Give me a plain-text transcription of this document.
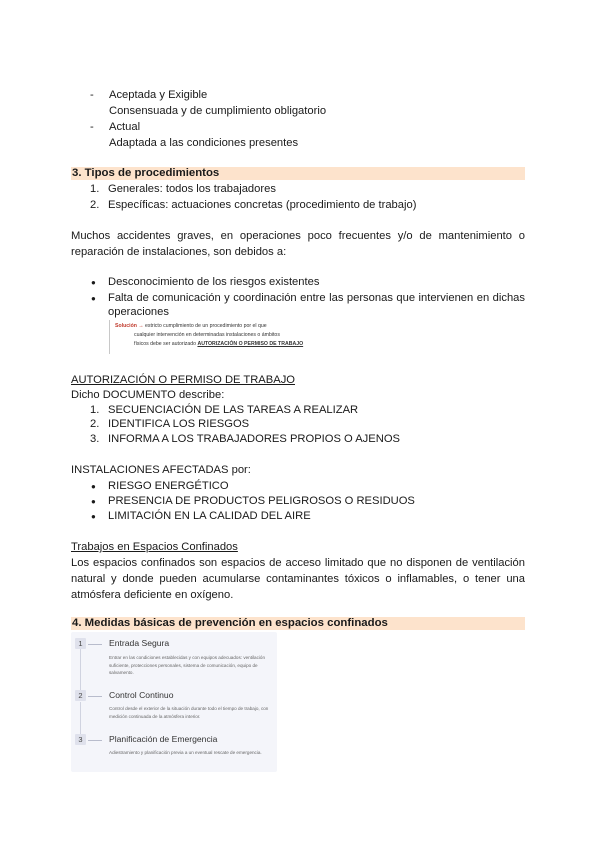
- Aceptada y Exigible
Consensuada y de cumplimiento obligatorio
- Actual
Adaptada a las condiciones presentes
3. Tipos de procedimientos
1. Generales: todos los trabajadores
2. Específicas: actuaciones concretas (procedimiento de trabajo)
Muchos accidentes graves, en operaciones poco frecuentes y/o de mantenimiento o
reparación de instalaciones, son debidos a:
● Desconocimiento de los riesgos existentes
● Falta de comunicación y coordinación entre las personas que intervienen en dichas
operaciones
Solución → estricto cumplimiento de un procedimiento por el que
cualquier intervención en determinadas instalaciones o ámbitos
físicos debe ser autorizado AUTORIZACIÓN O PERMISO DE TRABAJO
AUTORIZACIÓN O PERMISO DE TRABAJO
Dicho DOCUMENTO describe:
1. SECUENCIACIÓN DE LAS TAREAS A REALIZAR
2. IDENTIFICA LOS RIESGOS
3. INFORMA A LOS TRABAJADORES PROPIOS O AJENOS
INSTALACIONES AFECTADAS por:
● RIESGO ENERGÉTICO
● PRESENCIA DE PRODUCTOS PELIGROSOS O RESIDUOS
● LIMITACIÓN EN LA CALIDAD DEL AIRE
Trabajos en Espacios Confinados
Los espacios confinados son espacios de acceso limitado que no disponen de ventilación
natural y donde pueden acumularse contaminantes tóxicos o inflamables, o tener una
atmósfera deficiente en oxígeno.
4. Medidas básicas de prevención en espacios confinados
1	Entrada Segura
Entrar en las condiciones establecidas y con equipos adecuados: ventilación suficiente, protecciones personales, sistema de comunicación, equipo de salvamento.
2	Control Continuo
Control desde el exterior de la situación durante todo el tiempo de trabajo, con medición continuada de la atmósfera interior.
3	Planificación de Emergencia
Adiestramiento y planificación previa a un eventual rescate de emergencia.
